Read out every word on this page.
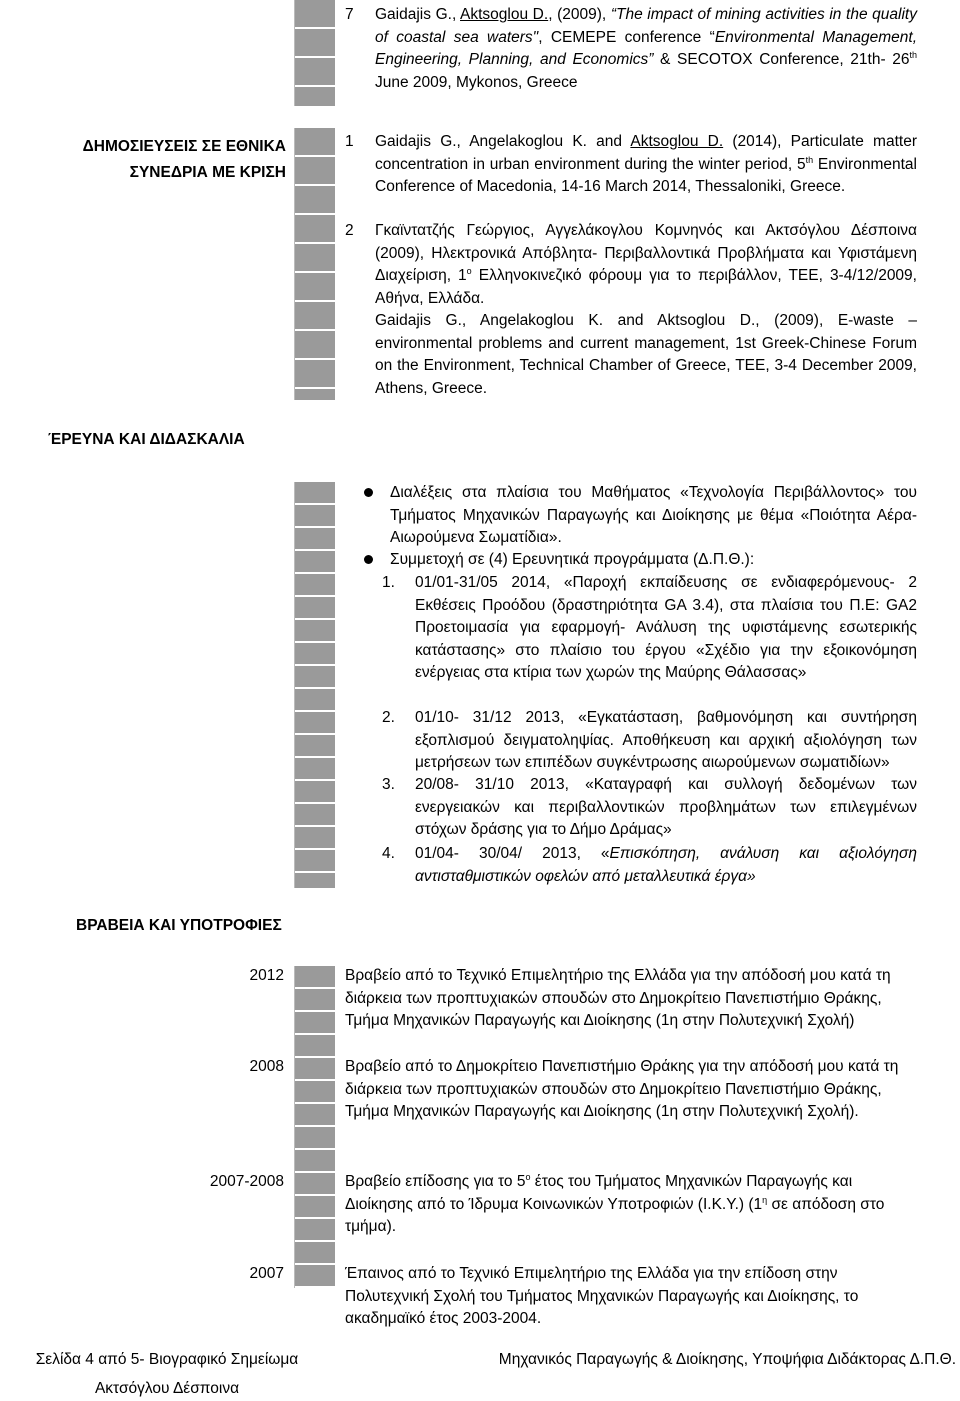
7 Gaidajis G., Aktsoglou D., (2009), “The impact of mining activities in the quality of coastal sea waters", CEMEPE conference “Environmental Management, Engineering, Planning, and Economics” & SECOTOX Conference, 21th- 26th June 2009, Mykonos, Greece
ΔΗΜΟΣΙΕΥΣΕΙΣ ΣΕ ΕΘΝΙΚΑ
ΣΥΝΕΔΡΙΑ ΜΕ ΚΡΙΣΗ
1 Gaidajis G., Angelakoglou K. and Aktsoglou D. (2014), Particulate matter concentration in urban environment during the winter period, 5th Environmental Conference of Macedonia, 14-16 March 2014, Thessaloniki, Greece.
2 Γκαϊντατζής Γεώργιος, Αγγελάκογλου Κομνηνός και Ακτσόγλου Δέσποινα (2009), Ηλεκτρονικά Απόβλητα- Περιβαλλοντικά Προβλήματα και Υφιστάμενη Διαχείριση, $1^o$ Ελληνοκινεζικό φόρουμ για το περιβάλλον, ΤΕΕ, 3-4/12/2009, Αθήνα, Ελλάδα.
Gaidajis G., Angelakoglou K. and Aktsoglou D., (2009), E-waste – environmental problems and current management, 1st Greek-Chinese Forum on the Environment, Technical Chamber of Greece, TEE, 3-4 December 2009, Athens, Greece.
ΈΡΕΥΝΑ ΚΑΙ ΔΙΔΑΣΚΑΛΙΑ
Διαλέξεις στα πλαίσια του Μαθήματος «Τεχνολογία Περιβάλλοντος» του Τμήματος Μηχανικών Παραγωγής και Διοίκησης με θέμα «Ποιότητα Αέρα- Αιωρούμενα Σωματίδια».
Συμμετοχή σε (4) Ερευνητικά προγράμματα (Δ.Π.Θ.):
1. 01/01-31/05 2014, «Παροχή εκπαίδευσης σε ενδιαφερόμενους- 2 Εκθέσεις Προόδου (δραστηριότητα GA 3.4), στα πλαίσια του Π.Ε: GA2 Προετοιμασία για εφαρμογή- Ανάλυση της υφιστάμενης εσωτερικής κατάστασης» στο πλαίσιο του έργου «Σχέδιο για την εξοικονόμηση ενέργειας στα κτίρια των χωρών της Μαύρης Θάλασσας»
2. 01/10- 31/12 2013, «Εγκατάσταση, βαθμονόμηση και συντήρηση εξοπλισμού δειγματοληψίας. Αποθήκευση και αρχική αξιολόγηση των μετρήσεων των επιπέδων συγκέντρωσης αιωρούμενων σωματιδίων»
3. 20/08- 31/10 2013, «Καταγραφή και συλλογή δεδομένων των ενεργειακών και περιβαλλοντικών προβλημάτων των επιλεγμένων στόχων δράσης για το Δήμο Δράμας»
4. 01/04- 30/04/ 2013, «Επισκόπηση, ανάλυση και αξιολόγηση αντισταθμιστικών οφελών από μεταλλευτικά έργα»
ΒΡΑΒΕΙΑ ΚΑΙ ΥΠΟΤΡΟΦΙΕΣ
2012	Βραβείο από το Τεχνικό Επιμελητήριο της Ελλάδα για την απόδοσή μου κατά τη διάρκεια των προπτυχιακών σπουδών στο Δημοκρίτειο Πανεπιστήμιο Θράκης, Τμήμα Μηχανικών Παραγωγής και Διοίκησης (1η στην Πολυτεχνική Σχολή)
2008	Βραβείο από το Δημοκρίτειο Πανεπιστήμιο Θράκης για την απόδοσή μου κατά τη διάρκεια των προπτυχιακών σπουδών στο Δημοκρίτειο Πανεπιστήμιο Θράκης, Τμήμα Μηχανικών Παραγωγής και Διοίκησης (1η στην Πολυτεχνική Σχολή).
2007-2008	Βραβείο επίδοσης για το $5^o$ έτος του Τμήματος Μηχανικών Παραγωγής και Διοίκησης από το Ίδρυμα Κοινωνικών Υποτροφιών (Ι.Κ.Υ.) ($1^\eta$ σε απόδοση στο τμήμα).
2007	Έπαινος από το Τεχνικό Επιμελητήριο της Ελλάδα για την επίδοση στην Πολυτεχνική Σχολή του Τμήματος Μηχανικών Παραγωγής και Διοίκησης, το ακαδημαϊκό έτος 2003-2004.
Σελίδα 4 από 5- Βιογραφικό Σημείωμα
Ακτσόγλου Δέσποινα
Μηχανικός Παραγωγής & Διοίκησης, Υποψήφια Διδάκτορας Δ.Π.Θ.
